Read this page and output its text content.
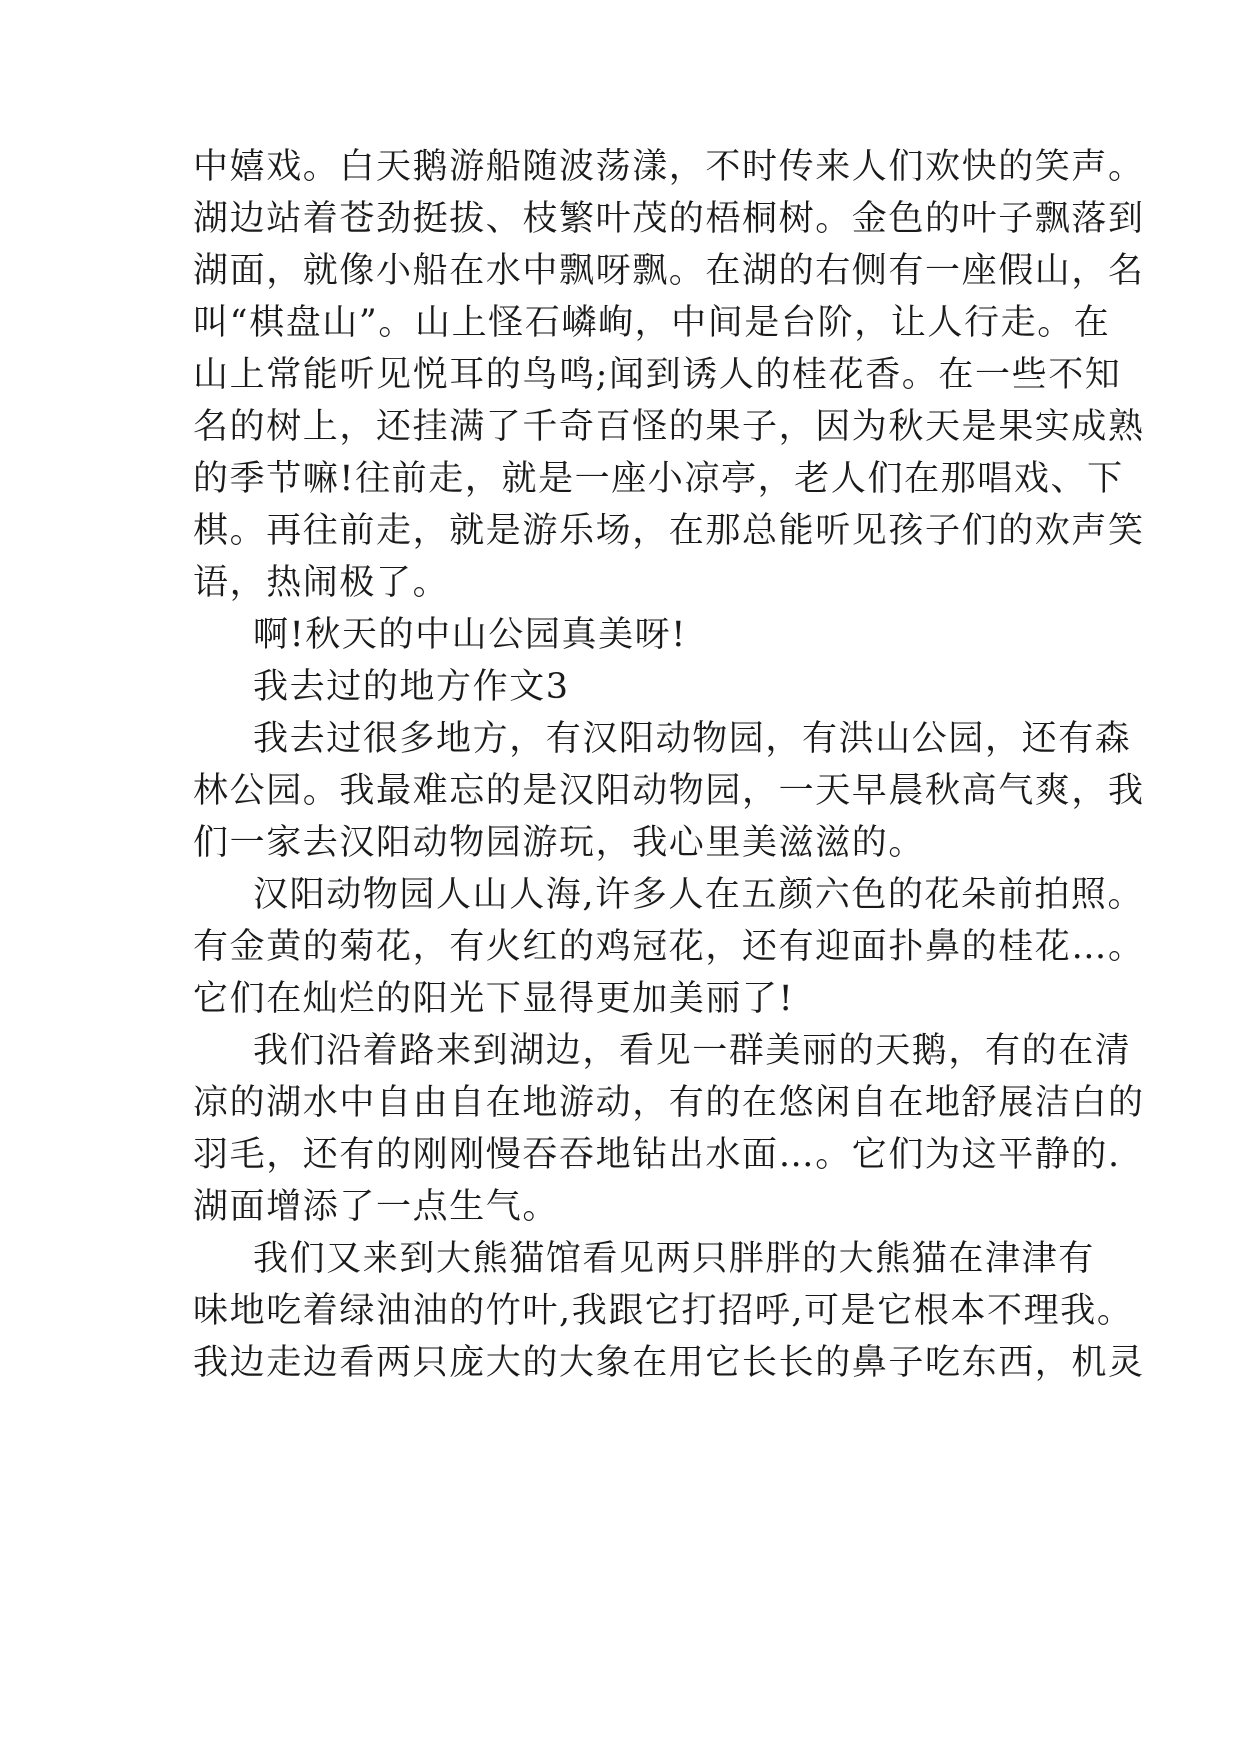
中嬉戏。白天鹅游船随波荡漾，不时传来人们欢快的笑声。
湖边站着苍劲挺拔、枝繁叶茂的梧桐树。金色的叶子飘落到
湖面，就像小船在水中飘呀飘。在湖的右侧有一座假山，名
叫“棋盘山”。山上怪石嶙峋，中间是台阶，让人行走。在
山上常能听见悦耳的鸟鸣;闻到诱人的桂花香。在一些不知
名的树上，还挂满了千奇百怪的果子，因为秋天是果实成熟
的季节嘛!往前走，就是一座小凉亭，老人们在那唱戏、下
棋。再往前走，就是游乐场，在那总能听见孩子们的欢声笑
语，热闹极了。
啊!秋天的中山公园真美呀!
我去过的地方作文3
我去过很多地方，有汉阳动物园，有洪山公园，还有森
林公园。我最难忘的是汉阳动物园，一天早晨秋高气爽，我
们一家去汉阳动物园游玩，我心里美滋滋的。
汉阳动物园人山人海,许多人在五颜六色的花朵前拍照。
有金黄的菊花，有火红的鸡冠花，还有迎面扑鼻的桂花…。
它们在灿烂的阳光下显得更加美丽了!
我们沿着路来到湖边，看见一群美丽的天鹅，有的在清
凉的湖水中自由自在地游动，有的在悠闲自在地舒展洁白的
羽毛，还有的刚刚慢吞吞地钻出水面…。它们为这平静的.
湖面增添了一点生气。
我们又来到大熊猫馆看见两只胖胖的大熊猫在津津有
味地吃着绿油油的竹叶,我跟它打招呼,可是它根本不理我。
我边走边看两只庞大的大象在用它长长的鼻子吃东西，机灵
